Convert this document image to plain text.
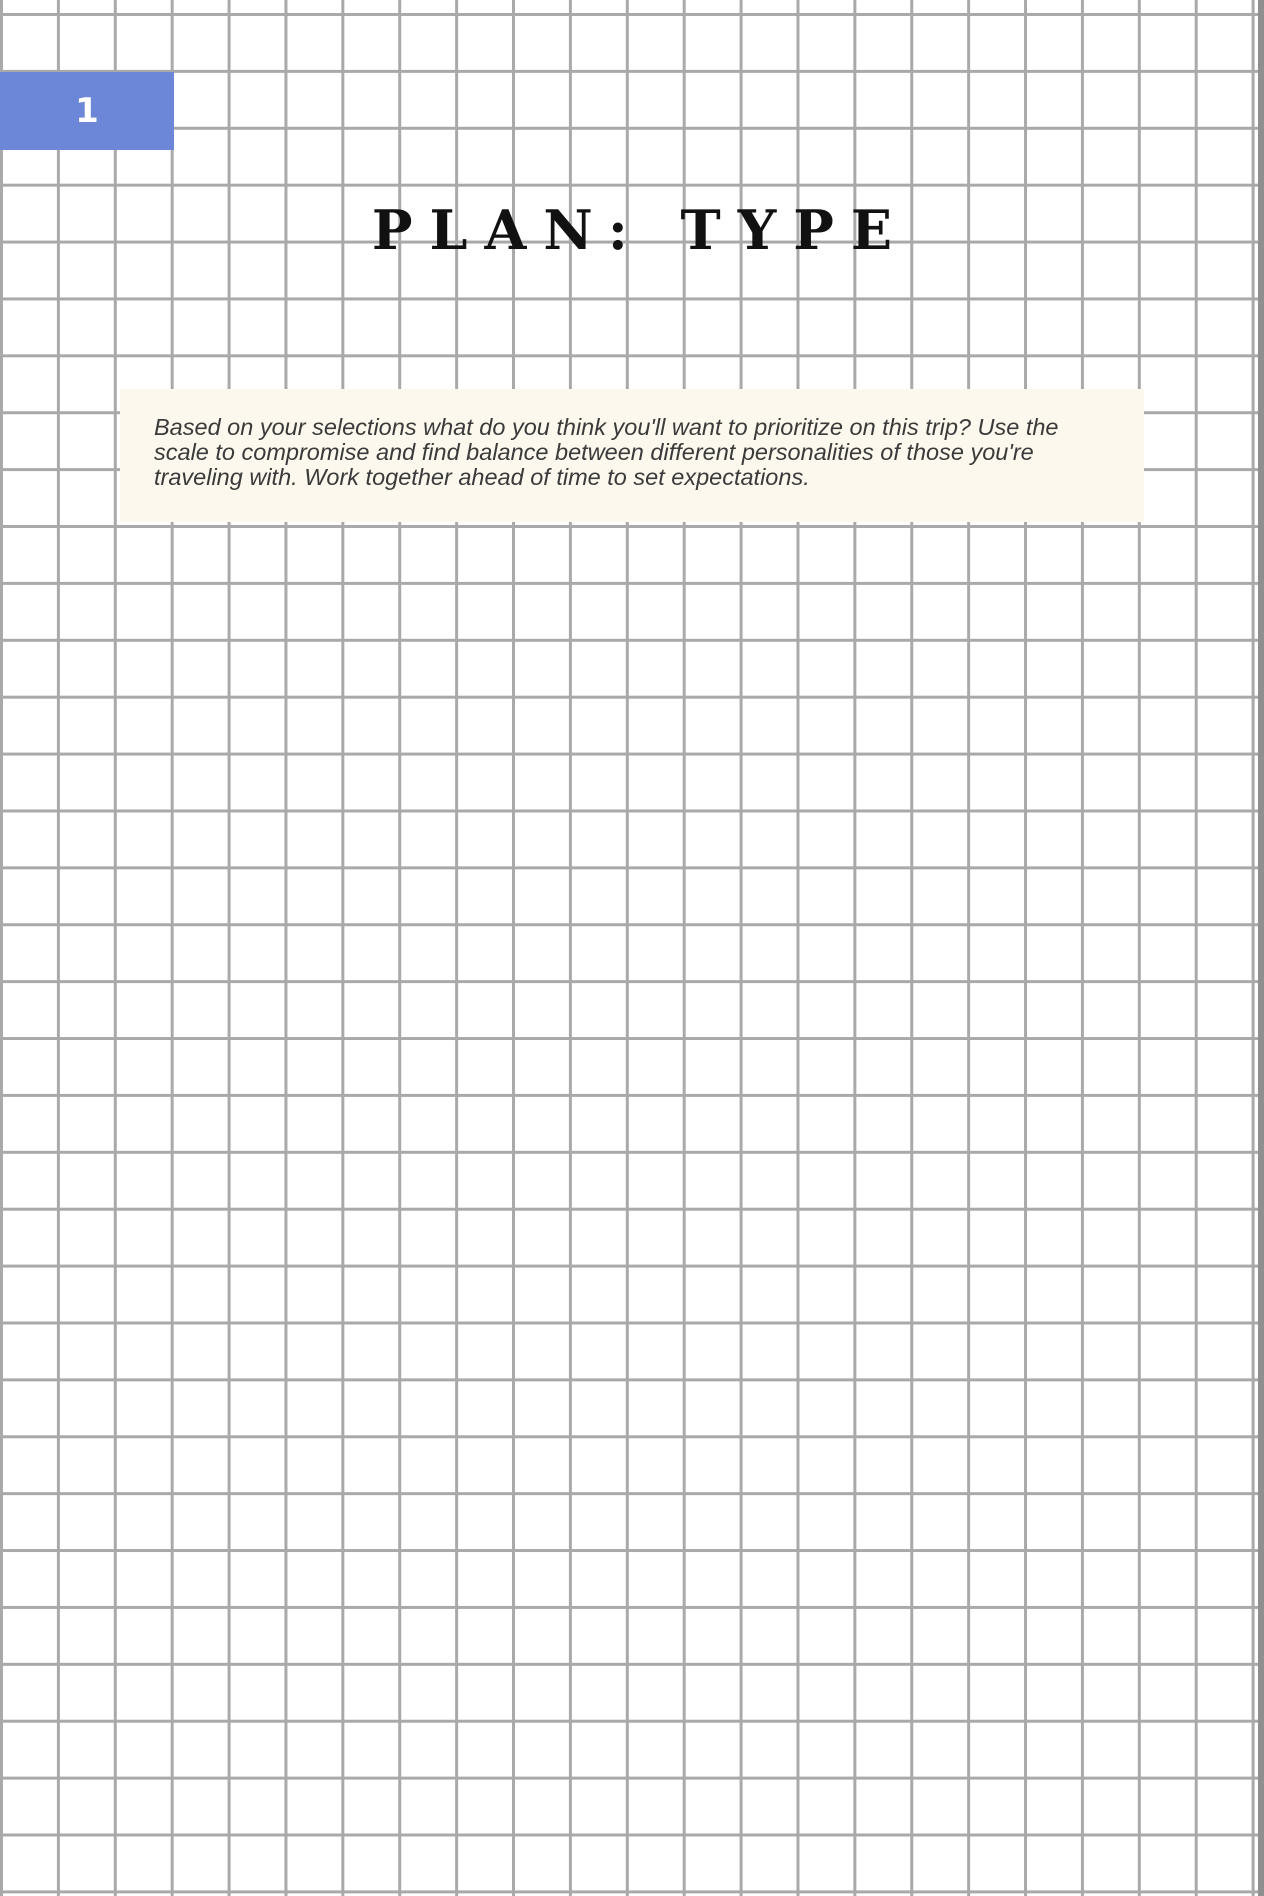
1
PLAN: TYPE

Based on your selections what do you think you'll want to prioritize on this trip? Use the scale to compromise and find balance between different personalities of those you're traveling with. Work together ahead of time to set expectations.
